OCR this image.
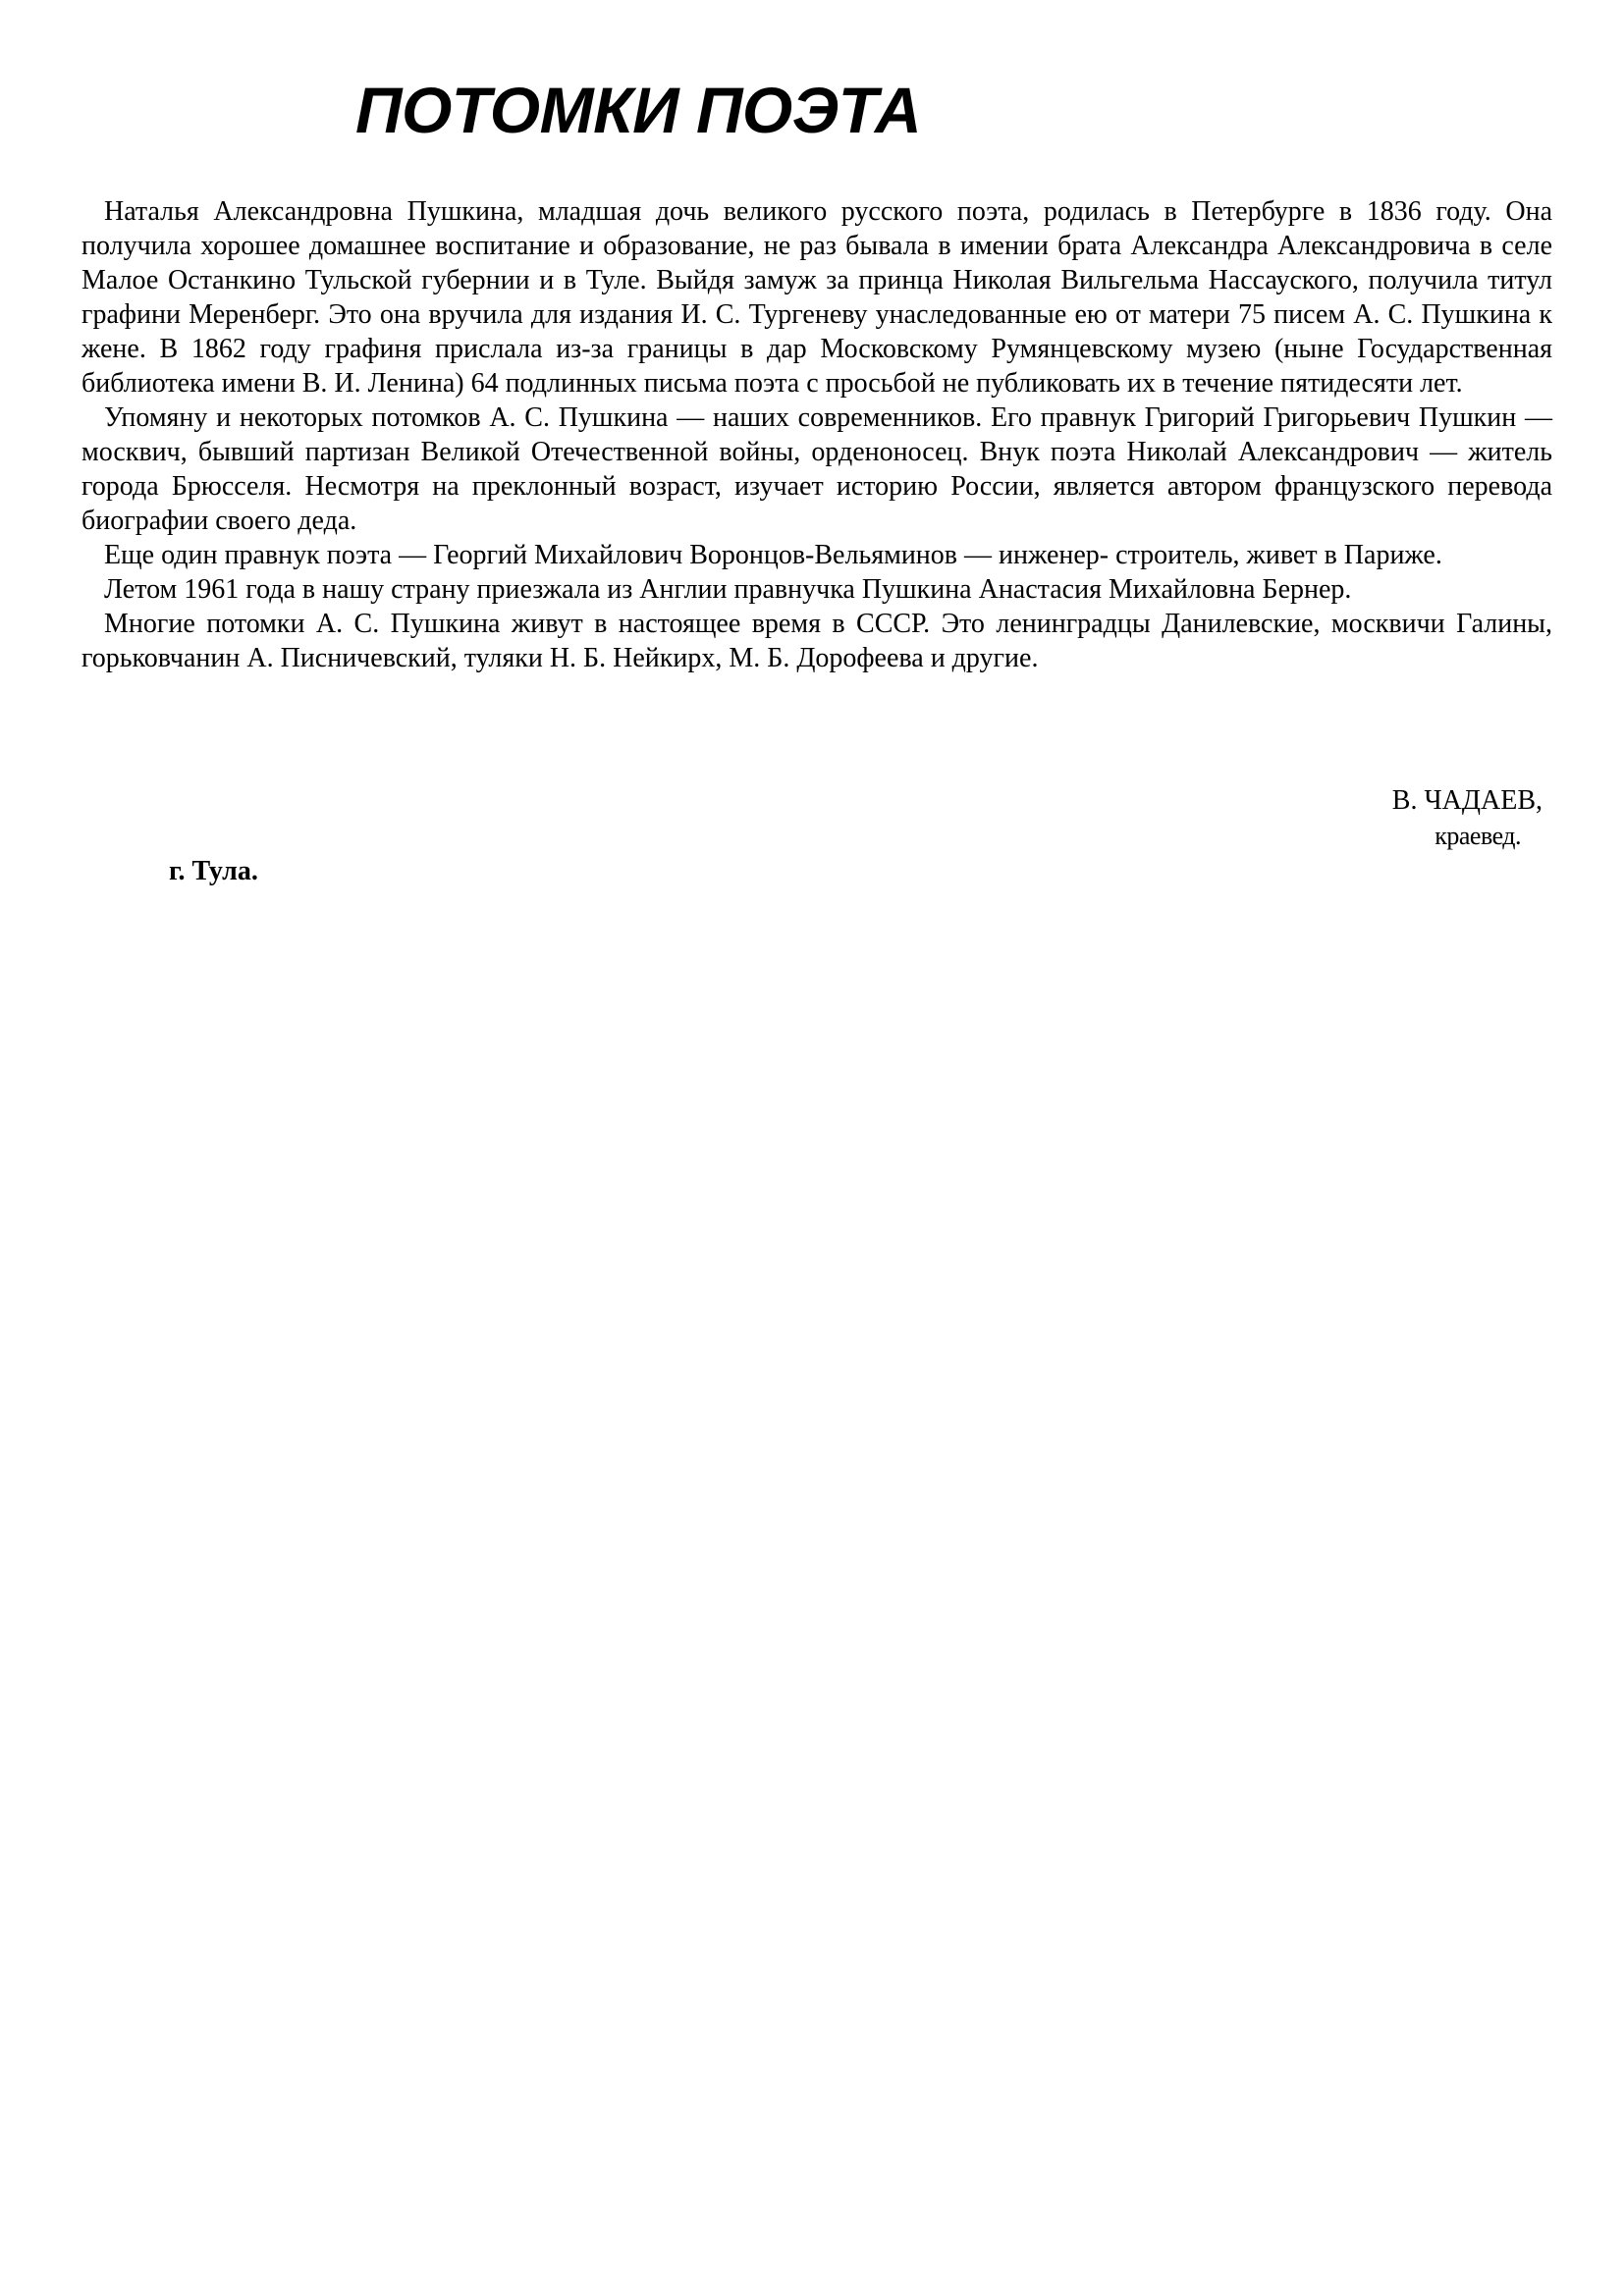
ПОТОМКИ ПОЭТА

Наталья Александровна Пушкина, младшая дочь великого русского поэта, родилась в Петербурге в 1836 году. Она получила хорошее домашнее воспитание и образование, не раз бывала в имении брата Александра Александровича в селе Малое Останкино Тульской губернии и в Туле. Выйдя замуж за принца Николая Вильгельма Нассауского, получила титул графини Меренберг. Это она вручила для издания И. С. Тургеневу унаследованные ею от матери 75 писем А. С. Пушкина к жене. В 1862 году графиня прислала из-за границы в дар Московскому Румянцевскому музею (ныне Государственная библиотека имени В. И. Ленина) 64 подлинных письма поэта с просьбой не публиковать их в течение пятидесяти лет.

Упомяну и некоторых потомков А. С. Пушкина — наших современников. Его правнук Григорий Григорьевич Пушкин — москвич, бывший партизан Великой Отечественной войны, орденоносец. Внук поэта Николай Александрович — житель города Брюсселя. Несмотря на преклонный возраст, изучает историю России, является автором французского перевода биографии своего деда.

Еще один правнук поэта — Георгий Михайлович Воронцов-Вельяминов — инженер- строитель, живет в Париже.

Летом 1961 года в нашу страну приезжала из Англии правнучка Пушкина Анастасия Михайловна Бернер.

Многие потомки А. С. Пушкина живут в настоящее время в СССР. Это ленинградцы Данилевские, москвичи Галины, горьковчанин А. Писничевский, туляки Н. Б. Нейкирх, М. Б. Дорофеева и другие.

В. ЧАДАЕВ,
краевед.
г. Тула.
